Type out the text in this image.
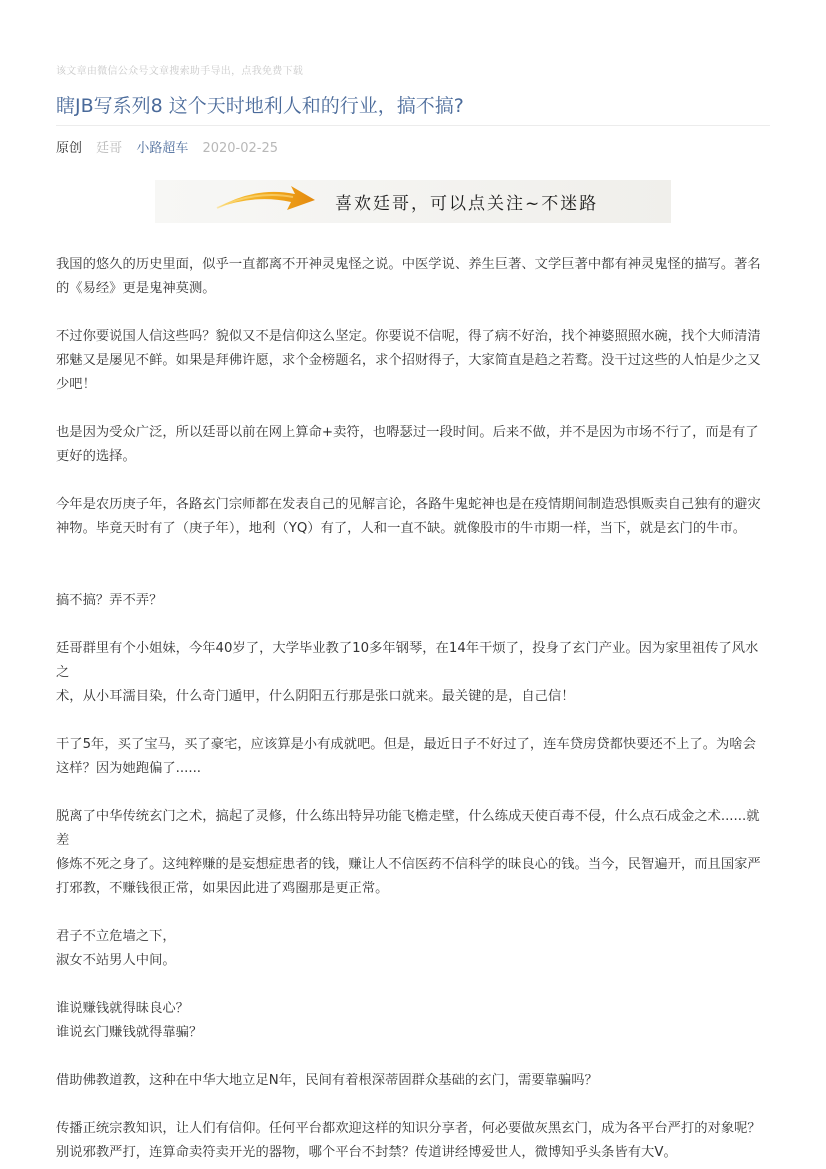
该文章由微信公众号文章搜索助手导出，点我免费下载
瞎JB写系列8 这个天时地利人和的行业，搞不搞?
原创 廷哥 小路超车 2020-02-25
喜欢廷哥，可以点关注~不迷路

我国的悠久的历史里面，似乎一直都离不开神灵鬼怪之说。中医学说、养生巨著、文学巨著中都有神灵鬼怪的描写。著名
的《易经》更是鬼神莫测。

不过你要说国人信这些吗？貌似又不是信仰这么坚定。你要说不信呢，得了病不好治，找个神婆照照水碗，找个大师清清
邪魅又是屡见不鲜。如果是拜佛许愿，求个金榜题名，求个招财得子，大家简直是趋之若鹜。没干过这些的人怕是少之又
少吧！

也是因为受众广泛，所以廷哥以前在网上算命+卖符，也嘚瑟过一段时间。后来不做，并不是因为市场不行了，而是有了
更好的选择。

今年是农历庚子年，各路玄门宗师都在发表自己的见解言论，各路牛鬼蛇神也是在疫情期间制造恐惧贩卖自己独有的避灾
神物。毕竟天时有了（庚子年），地利（YQ）有了，人和一直不缺。就像股市的牛市期一样，当下，就是玄门的牛市。

搞不搞？弄不弄？

廷哥群里有个小姐妹，今年40岁了，大学毕业教了10多年钢琴，在14年干烦了，投身了玄门产业。因为家里祖传了风水之
术，从小耳濡目染，什么奇门遁甲，什么阴阳五行那是张口就来。最关键的是，自己信！

干了5年，买了宝马，买了豪宅，应该算是小有成就吧。但是，最近日子不好过了，连车贷房贷都快要还不上了。为啥会
这样？因为她跑偏了......

脱离了中华传统玄门之术，搞起了灵修，什么练出特异功能飞檐走壁，什么练成天使百毒不侵，什么点石成金之术......就差
修炼不死之身了。这纯粹赚的是妄想症患者的钱，赚让人不信医药不信科学的昧良心的钱。当今，民智遍开，而且国家严
打邪教，不赚钱很正常，如果因此进了鸡圈那是更正常。

君子不立危墙之下，
淑女不站男人中间。

谁说赚钱就得昧良心？
谁说玄门赚钱就得靠骗？

借助佛教道教，这种在中华大地立足N年，民间有着根深蒂固群众基础的玄门，需要靠骗吗？

传播正统宗教知识，让人们有信仰。任何平台都欢迎这样的知识分享者，何必要做灰黑玄门，成为各平台严打的对象呢？
别说邪教严打，连算命卖符卖开光的器物，哪个平台不封禁？传道讲经博爱世人，微博知乎头条皆有大V。
